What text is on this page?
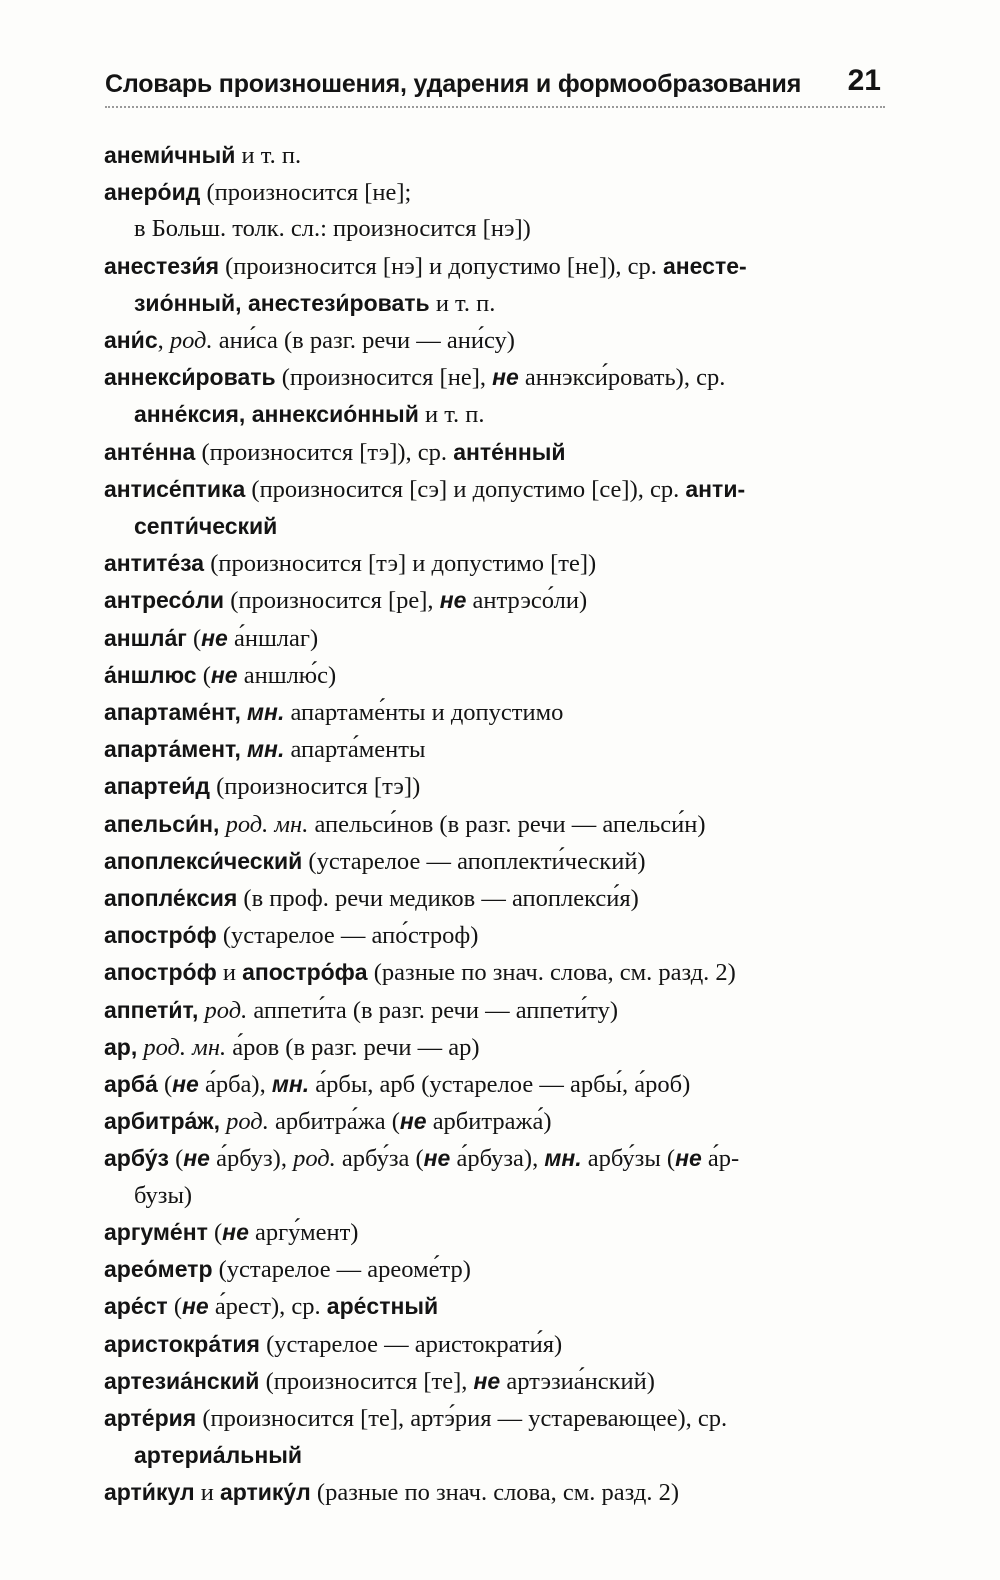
Словарь произношения, ударения и формообразования 21

анеми́чный и т. п.

анеро́ид (произносится [не];
в Больш. толк. сл.: произносится [нэ])

анестези́я (произносится [нэ] и допустимо [не]), ср. анесте-
зио́нный, анестези́ровать и т. п.

ани́с, род. ани́са (в разг. речи — ани́су)

аннекси́ровать (произносится [не], не аннэкси́ровать), ср.
анне́ксия, аннексио́нный и т. п.

анте́нна (произносится [тэ]), ср. анте́нный

антисе́птика (произносится [сэ] и допустимо [се]), ср. анти-
септи́ческий

антите́за (произносится [тэ] и допустимо [те])

антресо́ли (произносится [ре], не антрэсо́ли)

аншла́г (не а́ншлаг)

а́ншлюс (не аншлю́с)

апартаме́нт, мн. апартаме́нты и допустимо

апарта́мент, мн. апарта́менты

апартеи́д (произносится [тэ])

апельси́н, род. мн. апельси́нов (в разг. речи — апельси́н)

апоплекси́ческий (устарелое — апоплекти́ческий)

апопле́ксия (в проф. речи медиков — апоплекси́я)

апостро́ф (устарелое — апо́строф)

апостро́ф и апостро́фа (разные по знач. слова, см. разд. 2)

аппети́т, род. аппети́та (в разг. речи — аппети́ту)

ар, род. мн. а́ров (в разг. речи — ар)

арба́ (не а́рба), мн. а́рбы, арб (устарелое — арбы́, а́роб)

арбитра́ж, род. арбитра́жа (не арбитража́)

арбу́з (не а́рбуз), род. арбу́за (не а́рбуза), мн. арбу́зы (не а́р-
бузы)

аргуме́нт (не аргу́мент)

арео́метр (устарелое — ареоме́тр)

аре́ст (не а́рест), ср. аре́стный

аристокра́тия (устарелое — аристократи́я)

артезиа́нский (произносится [те], не артэзиа́нский)

арте́рия (произносится [те], артэ́рия — устаревающее), ср.
артериа́льный

арти́кул и артику́л (разные по знач. слова, см. разд. 2)
